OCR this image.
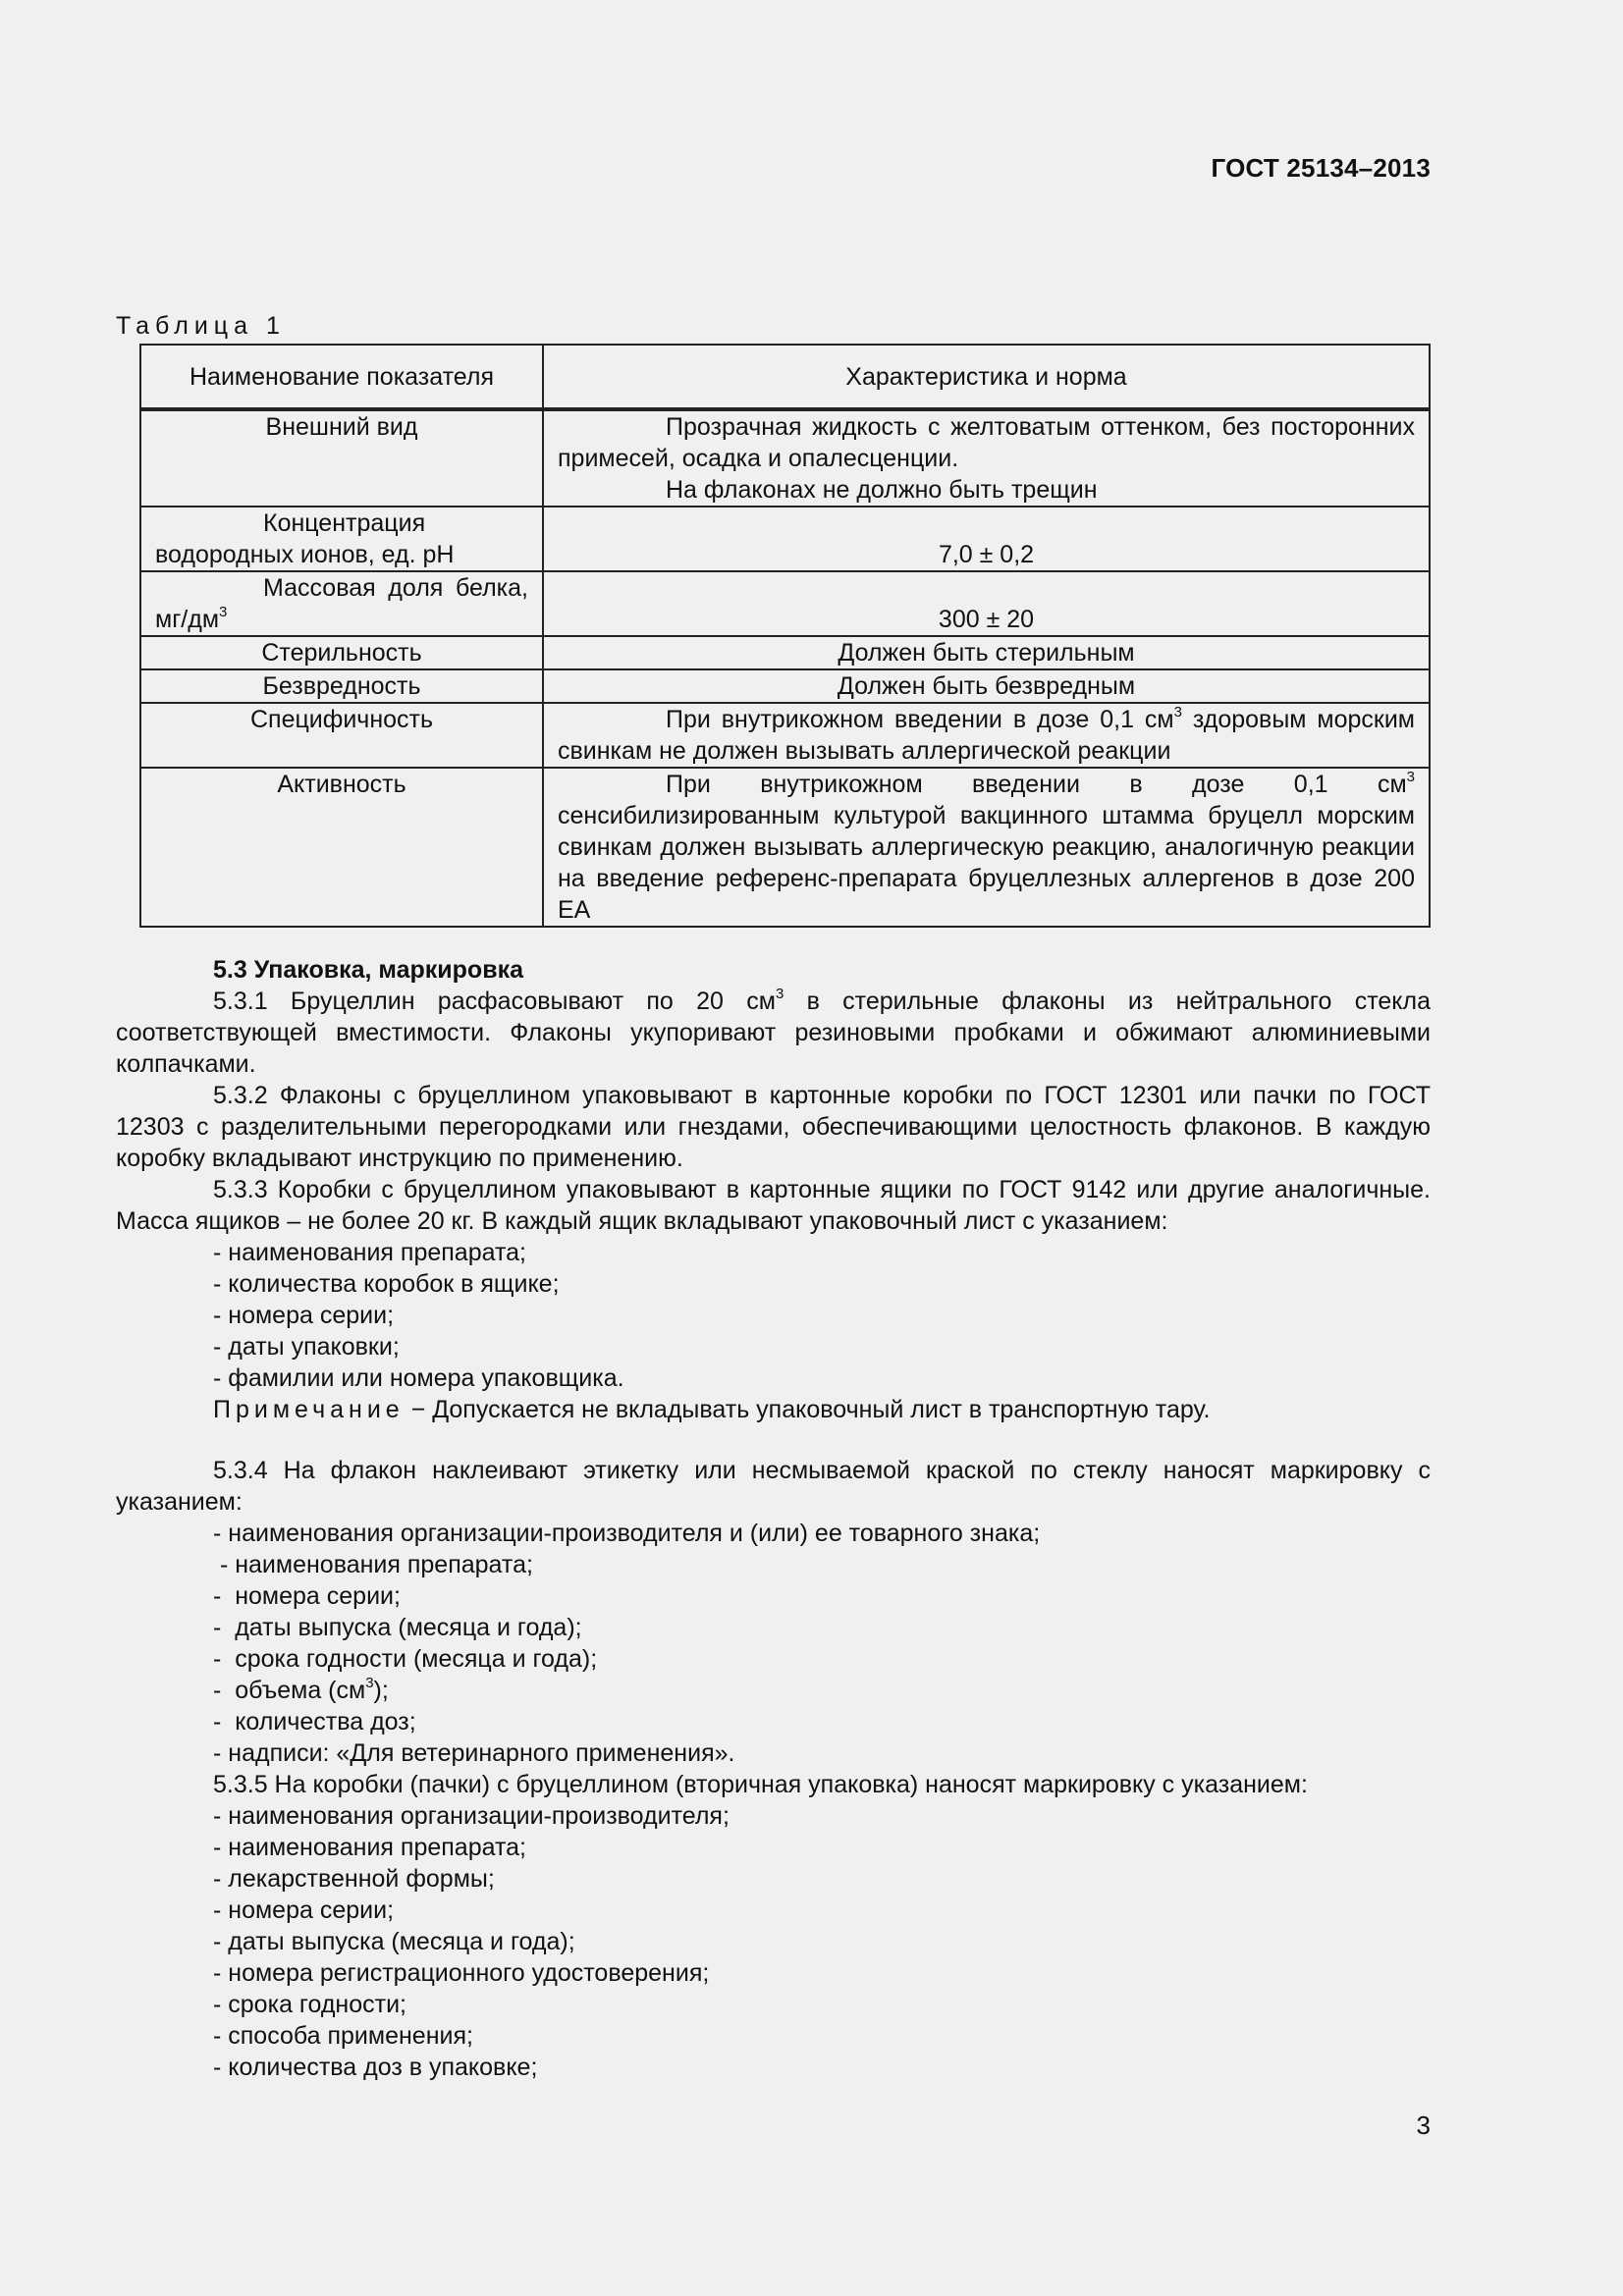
ГОСТ 25134–2013
Таблица 1
Наименование показателя	Характеристика и норма
Внешний вид	Прозрачная жидкость с желтоватым оттенком, без посторонних примесей, осадка и опалесценции.
На флаконах не должно быть трещин

Концентрация водородных ионов, ед. pH	7,0 ± 0,2
Массовая доля белка, $мг/дм^3$	300 ± 20
Стерильность	Должен быть стерильным
Безвредность	Должен быть безвредным
Специфичность	При внутрикожном введении в дозе 0,1 $см^3$ здоровым морским свинкам не должен вызывать аллергической реакции
Активность	При внутрикожном введении в дозе 0,1 $см^3$ сенсибилизированным культурой вакцинного штамма бруцелл морским свинкам должен вызывать аллергическую реакцию, аналогичную реакции на введение референс-препарата бруцеллезных аллергенов в дозе 200 ЕА

5.3 Упаковка, маркировка

5.3.1 Бруцеллин расфасовывают по 20 $см^3$ в стерильные флаконы из нейтрального стекла соответствующей вместимости. Флаконы укупоривают резиновыми пробками и обжимают алюминиевыми колпачками.

5.3.2 Флаконы с бруцеллином упаковывают в картонные коробки по ГОСТ 12301 или пачки по ГОСТ 12303 с разделительными перегородками или гнездами, обеспечивающими целостность флаконов. В каждую коробку вкладывают инструкцию по применению.

5.3.3 Коробки с бруцеллином упаковывают в картонные ящики по ГОСТ 9142 или другие аналогичные. Масса ящиков – не более 20 кг. В каждый ящик вкладывают упаковочный лист с указанием:

- наименования препарата;

- количества коробок в ящике;

- номера серии;

- даты упаковки;

- фамилии или номера упаковщика.

Примечание − Допускается не вкладывать упаковочный лист в транспортную тару.

5.3.4 На флакон наклеивают этикетку или несмываемой краской по стеклу наносят маркировку с указанием:

- наименования организации-производителя и (или) ее товарного знака;

- наименования препарата;

-  номера серии;

-  даты выпуска (месяца и года);

-  срока годности (месяца и года);

-  объема $(см^3)$;

-  количества доз;

- надписи: «Для ветеринарного применения».

5.3.5 На коробки (пачки) с бруцеллином (вторичная упаковка) наносят маркировку с указанием:

- наименования организации-производителя;

- наименования препарата;

- лекарственной формы;

- номера серии;

- даты выпуска (месяца и года);

- номера регистрационного удостоверения;

- срока годности;

- способа применения;

- количества доз в упаковке;

3
